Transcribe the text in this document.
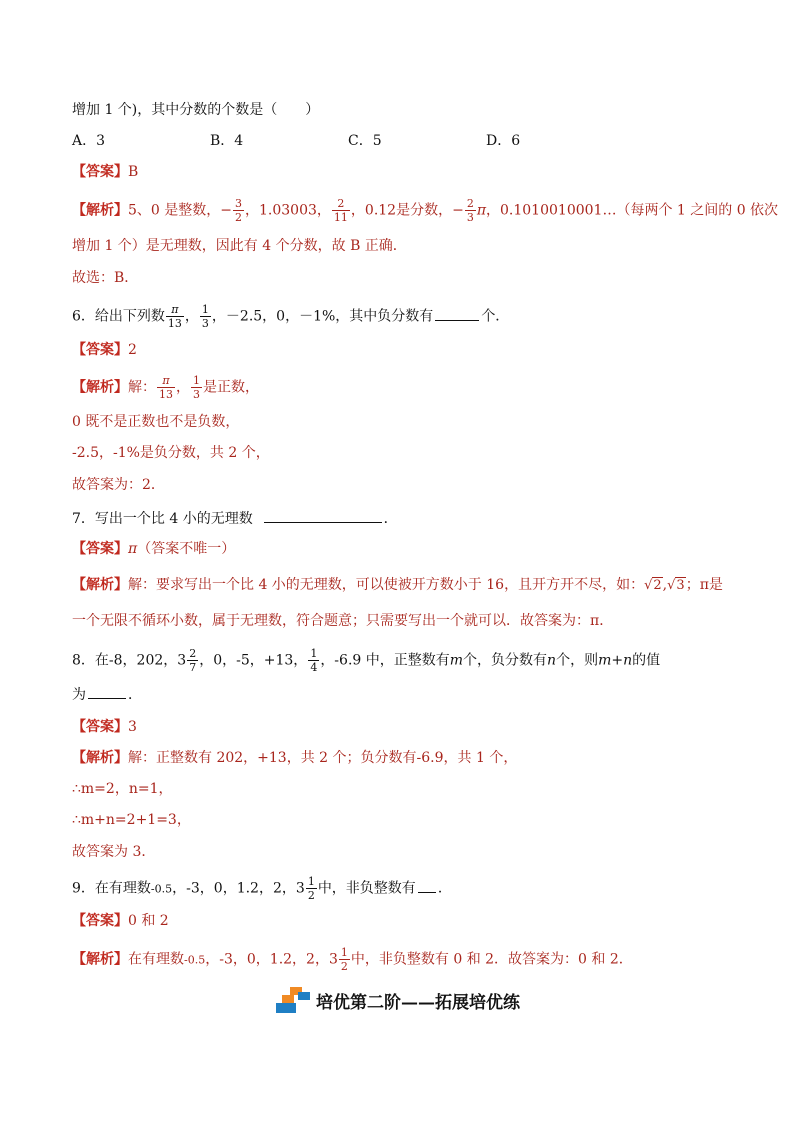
增加 1 个)，其中分数的个数是（　　）
A．3	B．4	C．5	D．6
【答案】B
【解析】5、0 是整数，− $\frac{3}{2}$ ，1.03003， $\frac{2}{11}$ ，0.12是分数，− $\frac{2}{3}$ π，0.1010010001…（每两个 1 之间的 0 依次
增加 1 个）是无理数，因此有 4 个分数，故 B 正确．
故选：B．
6．给出下列数 $\frac{\pi}{13}$ ， $\frac{1}{3}$ ，－2.5，0，－1%，其中负分数有	个．
【答案】2
【解析】解： $\frac{\pi}{13}$ ， $\frac{1}{3}$ 是正数，
0 既不是正数也不是负数，
-2.5，-1%是负分数，共 2 个，
故答案为：2．
7．写出一个比 4 小的无理数	．
【答案】π（答案不唯一）
【解析】解：要求写出一个比 4 小的无理数，可以使被开方数小于 16，且开方开不尽，如：√2,√3；π是
一个无限不循环小数，属于无理数，符合题意；只需要写出一个就可以．故答案为：π．
8．在-8，202，$3 \frac{2}{7}$ ，0，-5，+13， $\frac{1}{4}$ ，-6.9 中，正整数有m个，负分数有n个，则m+n的值
为	．
【答案】3
【解析】解：正整数有 202，+13，共 2 个；负分数有-6.9，共 1 个，
∴m=2，n=1，
∴m+n=2+1=3，
故答案为 3．
9．在有理数-0.5，-3，0，1.2，2，$3 \frac{1}{2}$ 中，非负整数有 ．
【答案】0 和 2
【解析】在有理数-0.5，-3，0，1.2，2，$3 \frac{1}{2}$ 中，非负整数有 0 和 2．故答案为：0 和 2．
培优第二阶——拓展培优练
